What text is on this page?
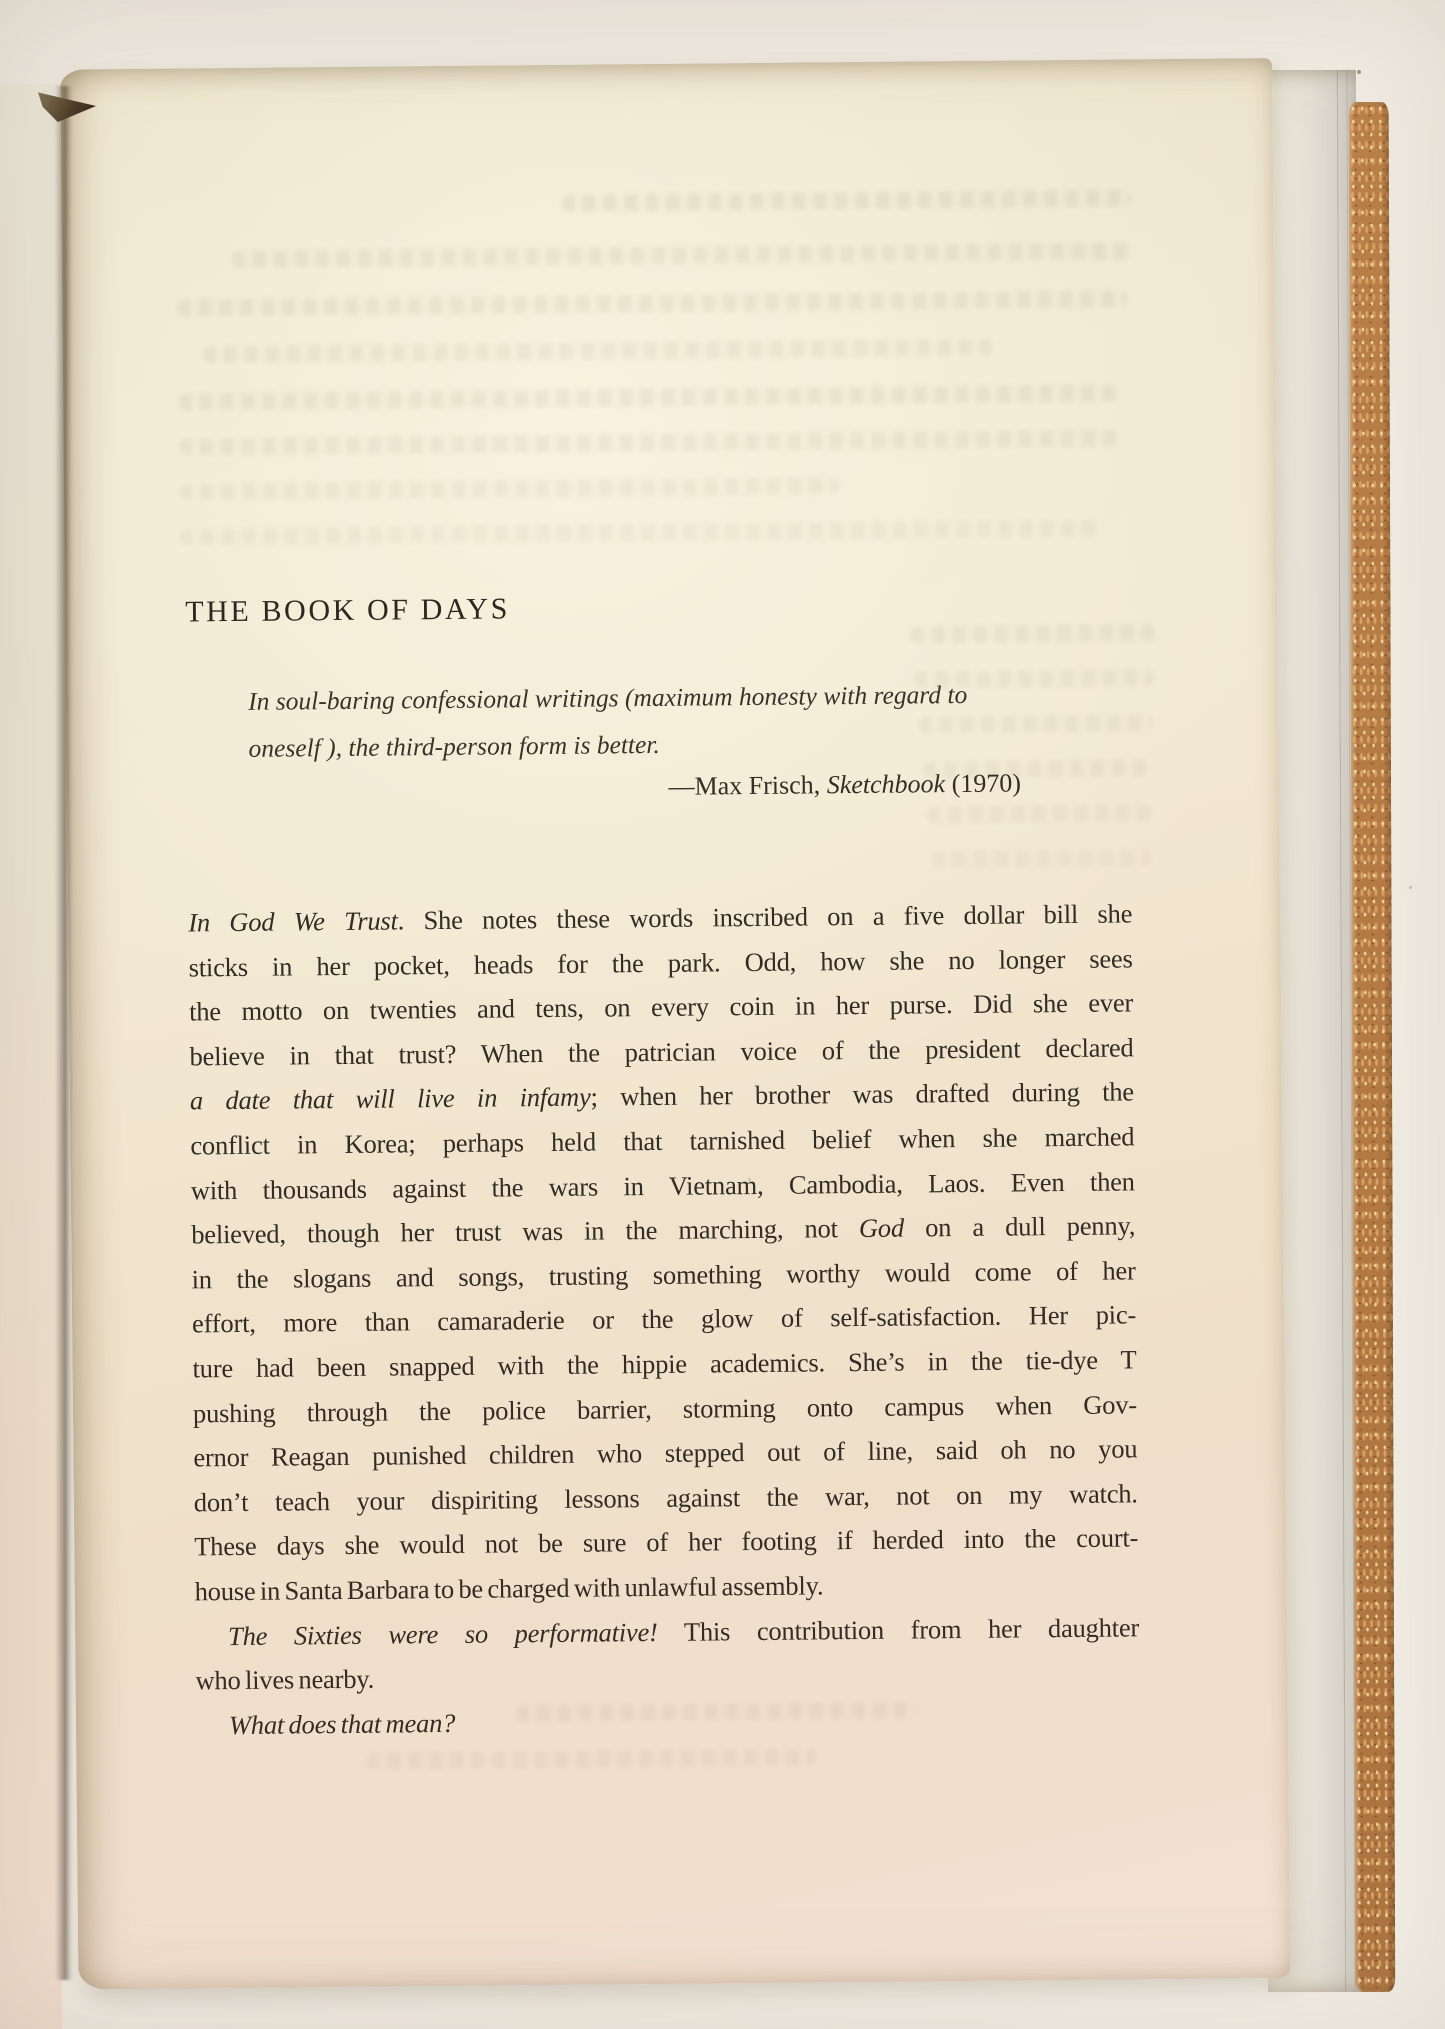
THE BOOK OF DAYS
In soul-baring confessional writings (maximum honesty with regard to
oneself ), the third-person form is better.
—Max Frisch, Sketchbook (1970)
In God We Trust. She notes these words inscribed on a five dollar bill she
sticks in her pocket, heads for the park. Odd, how she no longer sees
the motto on twenties and tens, on every coin in her purse. Did she ever
believe in that trust? When the patrician voice of the president declared
a date that will live in infamy; when her brother was drafted during the
conflict in Korea; perhaps held that tarnished belief when she marched
with thousands against the wars in Vietnam, Cambodia, Laos. Even then
believed, though her trust was in the marching, not God on a dull penny,
in the slogans and songs, trusting something worthy would come of her
effort, more than camaraderie or the glow of self-satisfaction. Her pic-
ture had been snapped with the hippie academics. She’s in the tie-dye T
pushing through the police barrier, storming onto campus when Gov-
ernor Reagan punished children who stepped out of line, said oh no you
don’t teach your dispiriting lessons against the war, not on my watch.
These days she would not be sure of her footing if herded into the court-
house in Santa Barbara to be charged with unlawful assembly.
The Sixties were so performative! This contribution from her daughter
who lives nearby.
What does that mean?
